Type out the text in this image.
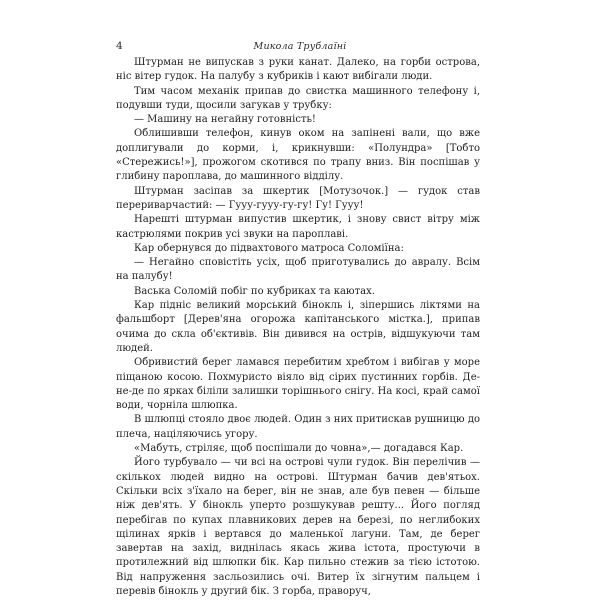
4	Микола Трублаїні

Штурман не випускав з руки канат. Далеко, на горби острова, ніс вітер гудок. На палубу з кубриків і кают вибігали люди.

Тим часом механік припав до свистка машинного телефону і, подувши туди, щосили загукав у трубку:

— Машину на негайну готовність!

Облишивши телефон, кинув оком на запінені вали, що вже доплигували до корми, і, крикнувши: «Полундра» [Тобто «Стережись!»], прожогом скотився по трапу вниз. Він поспішав у глибину пароплава, до машинного відділу.

Штурман засіпав за шкертик [Мотузочок.] — гудок став перериварчастий: — Гууу-гууу-гу-гу! Гу! Гууу!

Нарешті штурман випустив шкертик, і знову свист вітру між кастрюлями покрив усі звуки на пароплаві.

Кар обернувся до підвахтового матроса Соломіїна:

— Негайно сповістіть усіх, щоб приготувались до авралу. Всім на палубу!

Васька Соломій побіг по кубриках та каютах.

Кар підніс великий морський бінокль і, зіпершись ліктями на фальшборт [Дерев'яна огорожа капітанського містка.], припав очима до скла об'єктивів. Він дивився на острів, відшукуючи там людей.

Обривистий берег ламався перебитим хребтом і вибігав у море піщаною косою. Похмуристо віяло від сірих пустинних горбів. Де-не-де по ярках біліли залишки торішнього снігу. На косі, край самої води, чорніла шлюпка.

В шлюпці стояло двоє людей. Один з них притискав рушницю до плеча, націляючись угору.

«Мабуть, стріляє, щоб поспішали до човна»,— догадався Кар.

Його турбувало — чи всі на острові чули гудок. Він перелічив — скількох людей видно на острові. Штурман бачив дев'ятьох. Скільки всіх з'їхало на берег, він не знав, але був певен — більше ніж дев'ять. У бінокль уперто розшукував решту... Його погляд перебігав по купах плавникових дерев на березі, по неглибоких щілинах ярків і вертався до маленької лагуни. Там, де берег завертав на захід, виднілась якась жива істота, простуючи в протилежний від шлюпки бік. Кар пильно стежив за тією істотою. Від напруження засльозились очі. Витер їх зігнутим пальцем і перевів бінокль у другий бік. З горба, праворуч,
